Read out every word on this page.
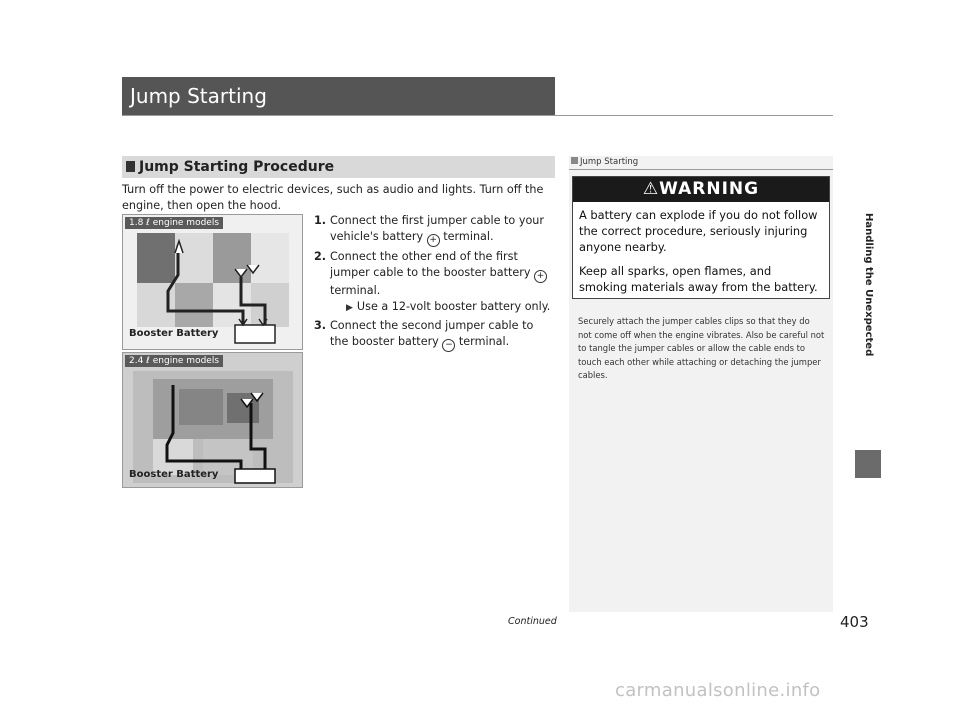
Jump Starting
Jump Starting Procedure
Turn off the power to electric devices, such as audio and lights. Turn off the engine, then open the hood.
1. Connect the first jumper cable to your vehicle's battery + terminal.
2. Connect the other end of the first jumper cable to the booster battery + terminal.
▶ Use a 12-volt booster battery only.
3. Connect the second jumper cable to the booster battery − terminal.
1.8 ℓ engine models
Booster Battery
2.4 ℓ engine models
Booster Battery
Jump Starting
⚠WARNING

A battery can explode if you do not follow the correct procedure, seriously injuring anyone nearby.

Keep all sparks, open flames, and smoking materials away from the battery.

Securely attach the jumper cables clips so that they do not come off when the engine vibrates. Also be careful not to tangle the jumper cables or allow the cable ends to touch each other while attaching or detaching the jumper cables.
Handling the Unexpected
Continued	403
carmanualsonline.info
